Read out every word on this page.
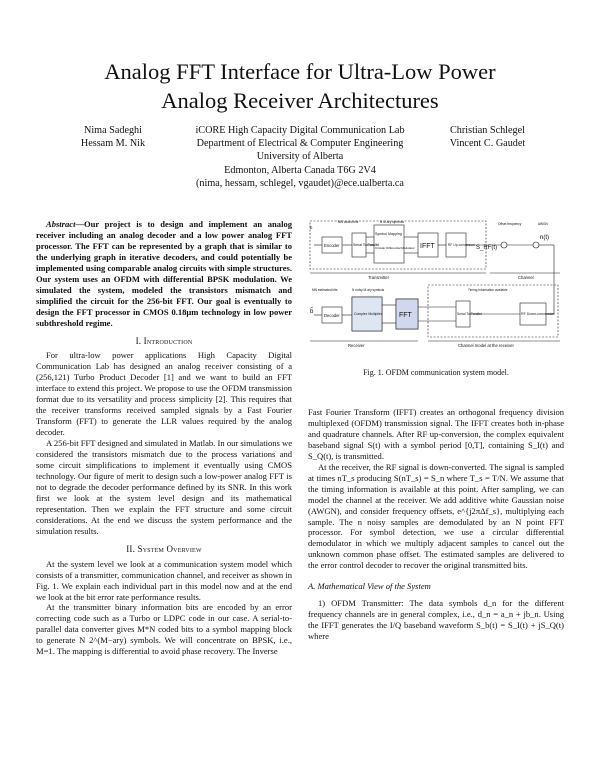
Analog FFT Interface for Ultra-Low Power
Analog Receiver Architectures
Nima Sadeghi
Hessam M. Nik
iCORE High Capacity Digital Communication Lab
Department of Electrical & Computer Engineering
University of Alberta
Edmonton, Alberta Canada T6G 2V4
(nima, hessam, schlegel, vgaudet)@ece.ualberta.ca
Christian Schlegel
Vincent C. Gaudet

Abstract—Our project is to design and implement an analog receiver including an analog decoder and a low power analog FFT processor. The FFT can be represented by a graph that is similar to the underlying graph in iterative decoders, and could potentially be implemented using comparable analog circuits with simple structures. Our system uses an OFDM with differential BPSK modulation. We simulated the system, modeled the transistors mismatch and simplified the circuit for the 256-bit FFT. Our goal is eventually to design the FFT processor in CMOS 0.18μm technology in low power subthreshold regime.

I. Introduction

For ultra-low power applications High Capacity Digital Communication Lab has designed an analog receiver consisting of a (256,121) Turbo Product Decoder [1] and we want to build an FFT interface to extend this project. We propose to use the OFDM transmission format due to its versatility and process simplicity [2]. This requires that the receiver transforms received sampled signals by a Fast Fourier Transform (FFT) to generate the LLR values required by the analog decoder.

A 256-bit FFT designed and simulated in Matlab. In our simulations we considered the transistors mismatch due to the process variations and some circuit simplifications to implement it eventually using CMOS technology. Our figure of merit to design such a low-power analog FFT is not to degrade the decoder performance defined by its SNR. In this work first we look at the system level design and its mathematical representation. Then we explain the FFT structure and some circuit considerations. At the end we discuss the system performance and the simulation results.

II. System Overview

At the system level we look at a communication system model which consists of a transmitter, communication channel, and receiver as shown in Fig. 1. We explain each individual part in this model now and at the end we look at the bit error rate performance results.

At the transmitter binary information bits are encoded by an error correcting code such as a Turbo or LDPC code in our case. A serial-to-parallel data converter gives M*N coded bits to a symbol mapping block to generate N 2^(M−ary) symbols. We will concentrate on BPSK, i.e., M=1. The mapping is differential to avoid phase recovery. The Inverse

b
Encoder	Serial To Parallel
Symbol Mapping
Circular Differential Modulator IFFT	RF Up-conversion S_RF(t)
n(t)
Transmitter	Channel
MN coded bits	N M-ary symbols	Offset frequency	AWGN
b̂
Decoder	Complex Multiplier FFT	Serial To Parallel	RF Down-conversion
Receiver	Channel model at the receiver
Timing information available
MN estimated bits	N noisy M-ary symbols
Fig. 1. OFDM communication system model.

Fast Fourier Transform (IFFT) creates an orthogonal frequency division multiplexed (OFDM) transmission signal. The IFFT creates both in-phase and quadrature channels. After RF up-conversion, the complex equivalent baseband signal S(t) with a symbol period [0,T], containing S_I(t) and S_Q(t), is transmitted.

At the receiver, the RF signal is down-converted. The signal is sampled at times nT_s producing S(nT_s) = S_n where T_s = T/N. We assume that the timing information is available at this point. After sampling, we can model the channel at the receiver. We add additive white Gaussian noise (AWGN), and consider frequency offsets, e^{j2πΔf_s}, multiplying each sample. The n noisy samples are demodulated by an N point FFT processor. For symbol detection, we use a circular differential demodulator in which we multiply adjacent samples to cancel out the unknown common phase offset. The estimated samples are delivered to the error control decoder to recover the original transmitted bits.

A. Mathematical View of the System

1) OFDM Transmitter: The data symbols d_n for the different frequency channels are in general complex, i.e., d_n = a_n + jb_n. Using the IFFT generates the I/Q baseband waveform S_b(t) = S_I(t) + jS_Q(t) where
